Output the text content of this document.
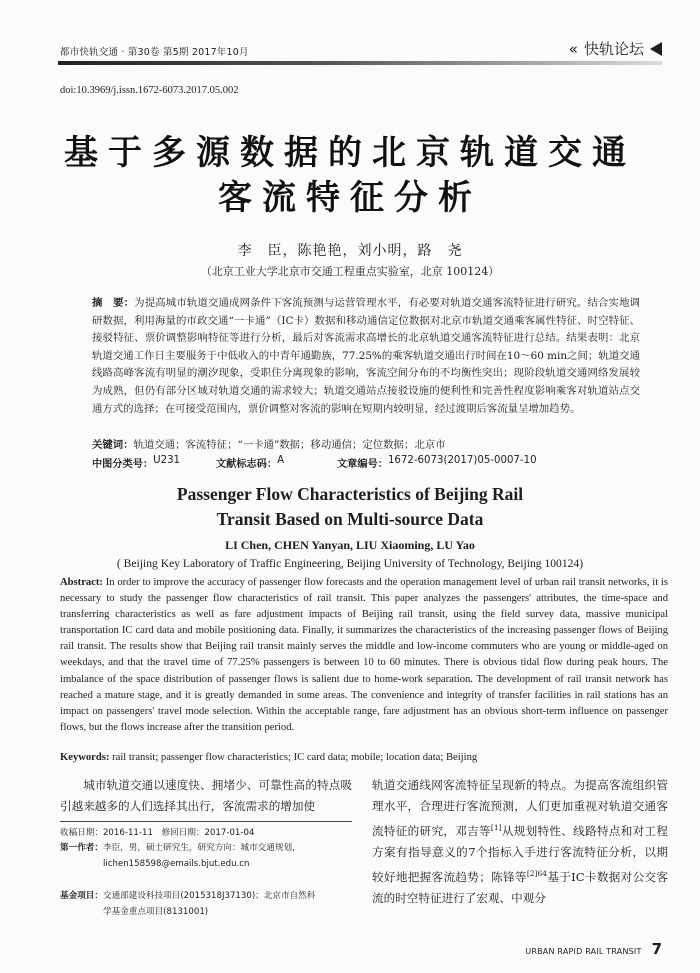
都市快轨交通 · 第30卷 第5期 2017年10月	« 快轨论坛
doi:10.3969/j.issn.1672-6073.2017.05.002
基于多源数据的北京轨道交通
客流特征分析
李　臣，陈艳艳，刘小明，路　尧
（北京工业大学北京市交通工程重点实验室，北京 100124）
摘　要：为提高城市轨道交通成网条件下客流预测与运营管理水平，有必要对轨道交通客流特征进行研究。结合实地调研数据，利用海量的市政交通“一卡通”（IC卡）数据和移动通信定位数据对北京市轨道交通乘客属性特征、时空特征、接驳特征、票价调整影响特征等进行分析，最后对客流需求高增长的北京轨道交通客流特征进行总结。结果表明：北京轨道交通工作日主要服务于中低收入的中青年通勤族，77.25%的乘客轨道交通出行时间在10～60 min之间；轨道交通线路高峰客流有明显的潮汐现象，受职住分离现象的影响，客流空间分布的不均衡性突出；现阶段轨道交通网络发展较为成熟，但仍有部分区域对轨道交通的需求较大；轨道交通站点接驳设施的便利性和完善性程度影响乘客对轨道站点交通方式的选择；在可接受范围内，票价调整对客流的影响在短期内较明显，经过渡期后客流量呈增加趋势。
关键词：轨道交通；客流特征；“一卡通”数据；移动通信；定位数据；北京市
中图分类号： U231	文献标志码： A	文章编号： 1672-6073(2017)05-0007-10
Passenger Flow Characteristics of Beijing Rail
Transit Based on Multi-source Data
LI Chen, CHEN Yanyan, LIU Xiaoming, LU Yao
( Beijing Key Laboratory of Traffic Engineering, Beijing University of Technology, Beijing 100124)
Abstract: In order to improve the accuracy of passenger flow forecasts and the operation management level of urban rail transit networks, it is necessary to study the passenger flow characteristics of rail transit. This paper analyzes the passengers' attributes, the time-space and transferring characteristics as well as fare adjustment impacts of Beijing rail transit, using the field survey data, massive municipal transportation IC card data and mobile positioning data. Finally, it summarizes the characteristics of the increasing passenger flows of Beijing rail transit. The results show that Beijing rail transit mainly serves the middle and low-income commuters who are young or middle-aged on weekdays, and that the travel time of 77.25% passengers is between 10 to 60 minutes. There is obvious tidal flow during peak hours. The imbalance of the space distribution of passenger flows is salient due to home-work separation. The development of rail transit network has reached a mature stage, and it is greatly demanded in some areas. The convenience and integrity of transfer facilities in rail stations has an impact on passengers' travel mode selection. Within the acceptable range, fare adjustment has an obvious short-term influence on passenger flows, but the flows increase after the transition period.
Keywords: rail transit; passenger flow characteristics; IC card data; mobile; location data; Beijing
城市轨道交通以速度快、拥堵少、可靠性高的特点吸引越来越多的人们选择其出行，客流需求的增加使
收稿日期：2016-11-11　修回日期：2017-01-04
第一作者：李臣，男，硕士研究生，研究方向：城市交通规划，
lichen158598@emails.bjut.edu.cn
基金项目：交通部建设科技项目(2015318J37130)；北京市自然科
学基金重点项目(8131001)
轨道交通线网客流特征呈现新的特点。为提高客流组织管理水平，合理进行客流预测，人们更加重视对轨道交通客流特征的研究，邓吉等[1]从规划特性、线路特点和对工程方案有指导意义的7个指标入手进行客流特征分析，以期较好地把握客流趋势；陈锋等$^{[2]64}$基于IC卡数据对公交客流的时空特征进行了宏观、中观分
URBAN RAPID RAIL TRANSIT 7
